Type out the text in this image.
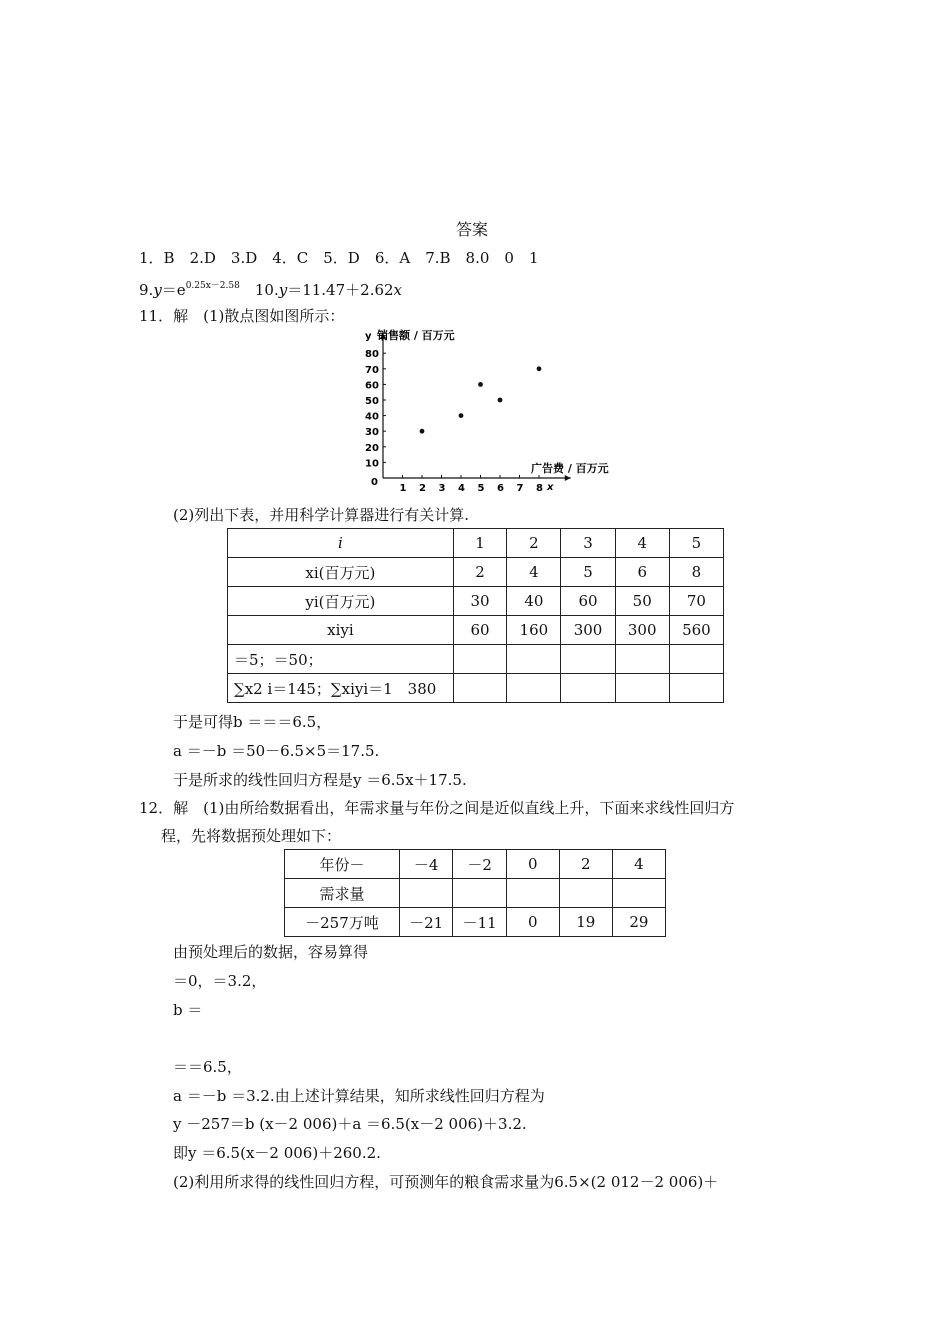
答案
1．B　2.D　3.D　4．C　5．D　6．A　7.B　8.0　0　1
$9.y=e^{0.25x-2.58}$　 10.y＝11.47＋2.62x
11．解　(1)散点图如图所示：
1 2 3 4 5 6 7 8
10
20
30
40
50
60
70
80
y 销售额 / 百万元
广告费 / 百万元
x
0
(2)列出下表，并用科学计算器进行有关计算.
i	1	2	3	4	5
xi(百万元)	2	4	5	6	8
yi(百万元)	30	40	60	50	70
xiyi	60	160	300	300	560
＝5；＝50；					
∑x2 i＝145；∑xiyi＝1　380					
于是可得b ＝＝＝6.5，
a ＝－b ＝50－6.5×5＝17.5.
于是所求的线性回归方程是y ＝6.5x＋17.5.
12．解　(1)由所给数据看出，年需求量与年份之间是近似直线上升，下面来求线性回归方
程，先将数据预处理如下：
年份－	－4	－2	0	2	4
需求量					
－257万吨	－21	－11	0	19	29
由预处理后的数据，容易算得
＝0，＝3.2，
b ＝
＝＝6.5，
a ＝－b ＝3.2.由上述计算结果，知所求线性回归方程为
y －257＝b (x－2 006)＋a ＝6.5(x－2 006)＋3.2.
即y ＝6.5(x－2 006)＋260.2.
(2)利用所求得的线性回归方程，可预测年的粮食需求量为6.5×(2 012－2 006)＋
